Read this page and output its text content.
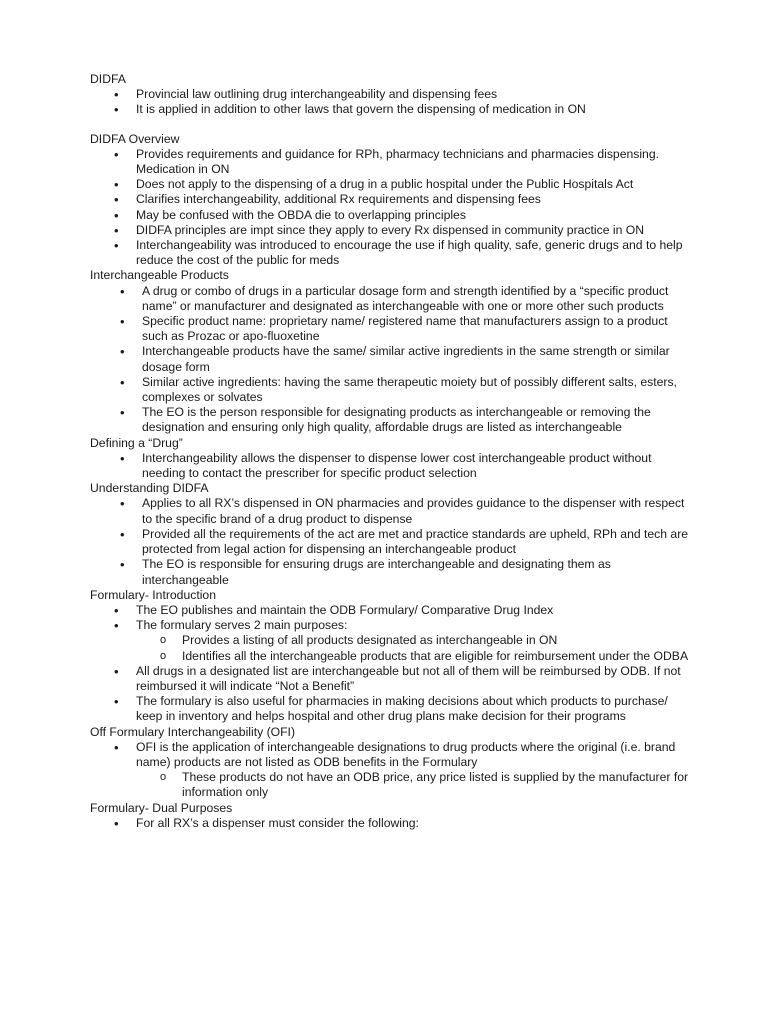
DIDFA
• Provincial law outlining drug interchangeability and dispensing fees
• It is applied in addition to other laws that govern the dispensing of medication in ON
DIDFA Overview
• Provides requirements and guidance for RPh, pharmacy technicians and pharmacies dispensing. Medication in ON
• Does not apply to the dispensing of a drug in a public hospital under the Public Hospitals Act
• Clarifies interchangeability, additional Rx requirements and dispensing fees
• May be confused with the OBDA die to overlapping principles
• DIDFA principles are impt since they apply to every Rx dispensed in community practice in ON
• Interchangeability was introduced to encourage the use if high quality, safe, generic drugs and to help reduce the cost of the public for meds
Interchangeable Products
• A drug or combo of drugs in a particular dosage form and strength identified by a “specific product name” or manufacturer and designated as interchangeable with one or more other such products
• Specific product name: proprietary name/ registered name that manufacturers assign to a product such as Prozac or apo-fluoxetine
• Interchangeable products have the same/ similar active ingredients in the same strength or similar dosage form
• Similar active ingredients: having the same therapeutic moiety but of possibly different salts, esters, complexes or solvates
• The EO is the person responsible for designating products as interchangeable or removing the designation and ensuring only high quality, affordable drugs are listed as interchangeable
Defining a “Drug”
• Interchangeability allows the dispenser to dispense lower cost interchangeable product without needing to contact the prescriber for specific product selection
Understanding DIDFA
• Applies to all RX’s dispensed in ON pharmacies and provides guidance to the dispenser with respect to the specific brand of a drug product to dispense
• Provided all the requirements of the act are met and practice standards are upheld, RPh and tech are protected from legal action for dispensing an interchangeable product
• The EO is responsible for ensuring drugs are interchangeable and designating them as interchangeable
Formulary- Introduction
• The EO publishes and maintain the ODB Formulary/ Comparative Drug Index
• The formulary serves 2 main purposes:
o Provides a listing of all products designated as interchangeable in ON
o Identifies all the interchangeable products that are eligible for reimbursement under the ODBA
• All drugs in a designated list are interchangeable but not all of them will be reimbursed by ODB. If not reimbursed it will indicate “Not a Benefit”
• The formulary is also useful for pharmacies in making decisions about which products to purchase/ keep in inventory and helps hospital and other drug plans make decision for their programs
Off Formulary Interchangeability (OFI)
• OFI is the application of interchangeable designations to drug products where the original (i.e. brand name) products are not listed as ODB benefits in the Formulary
o These products do not have an ODB price, any price listed is supplied by the manufacturer for information only
Formulary- Dual Purposes
• For all RX’s a dispenser must consider the following:
